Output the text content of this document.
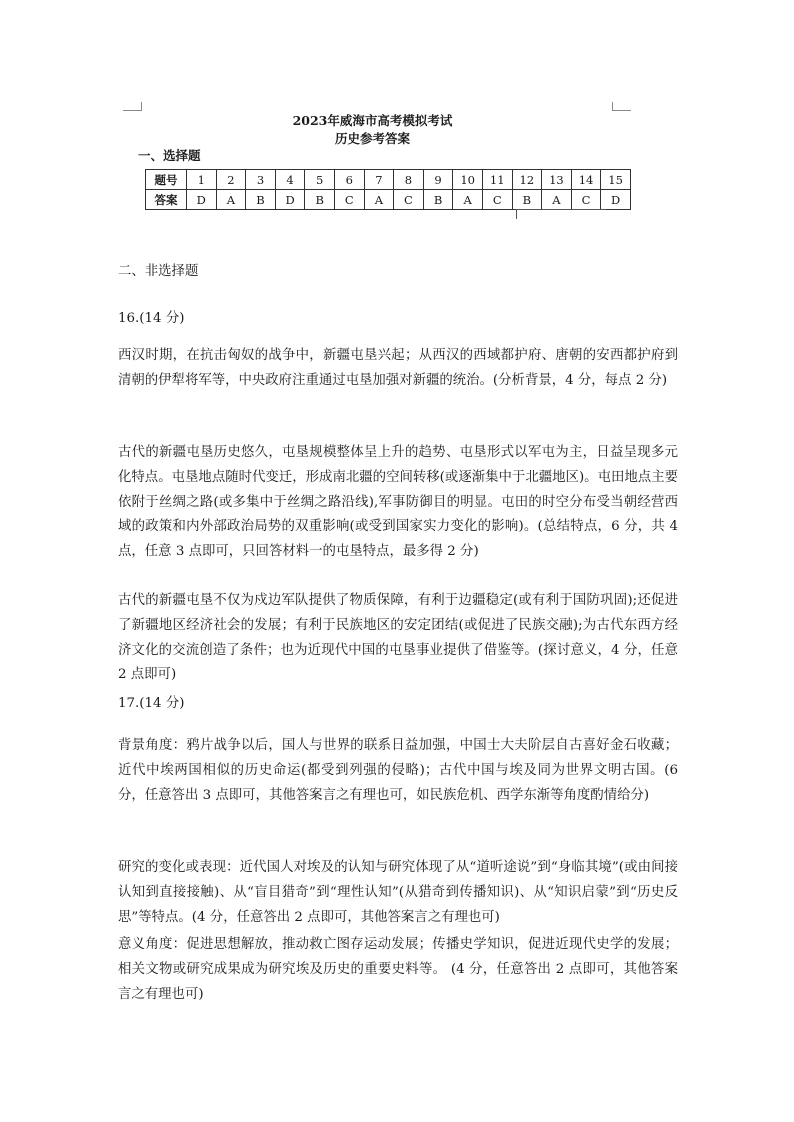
2023年威海市高考模拟考试
历史参考答案
一、选择题
题号	1	2	3	4	5	6	7	8	9	10	11	12	13	14	15
答案	D	A	B	D	B	C	A	C	B	A	C	B	A	C	D
二、非选择题
16.(14 分)

西汉时期，在抗击匈奴的战争中，新疆屯垦兴起；从西汉的西域都护府、唐朝的安西都护府到清朝的伊犁将军等，中央政府注重通过屯垦加强对新疆的统治。(分析背景，4 分，每点 2 分)

古代的新疆屯垦历史悠久，屯垦规模整体呈上升的趋势、屯垦形式以军屯为主，日益呈现多元化特点。屯垦地点随时代变迁，形成南北疆的空间转移(或逐渐集中于北疆地区)。屯田地点主要依附于丝绸之路(或多集中于丝绸之路沿线),军事防御目的明显。屯田的时空分布受当朝经营西域的政策和内外部政治局势的双重影响(或受到国家实力变化的影响)。(总结特点，6 分，共 4 点，任意 3 点即可，只回答材料一的屯垦特点，最多得 2 分)

古代的新疆屯垦不仅为戍边军队提供了物质保障，有利于边疆稳定(或有利于国防巩固);还促进了新疆地区经济社会的发展；有利于民族地区的安定团结(或促进了民族交融);为古代东西方经济文化的交流创造了条件；也为近现代中国的屯垦事业提供了借鉴等。(探讨意义，4 分，任意 2 点即可)

17.(14 分)

背景角度：鸦片战争以后，国人与世界的联系日益加强，中国士大夫阶层自古喜好金石收藏；近代中埃两国相似的历史命运(都受到列强的侵略)；古代中国与埃及同为世界文明古国。(6 分，任意答出 3 点即可，其他答案言之有理也可，如民族危机、西学东渐等角度酌情给分)

研究的变化或表现：近代国人对埃及的认知与研究体现了从“道听途说”到“身临其境”(或由间接认知到直接接触)、从“盲目猎奇”到“理性认知”(从猎奇到传播知识)、从“知识启蒙”到“历史反思”等特点。(4 分，任意答出 2 点即可，其他答案言之有理也可)

意义角度：促进思想解放，推动救亡图存运动发展；传播史学知识，促进近现代史学的发展；相关文物或研究成果成为研究埃及历史的重要史料等。 (4 分，任意答出 2 点即可，其他答案言之有理也可)
